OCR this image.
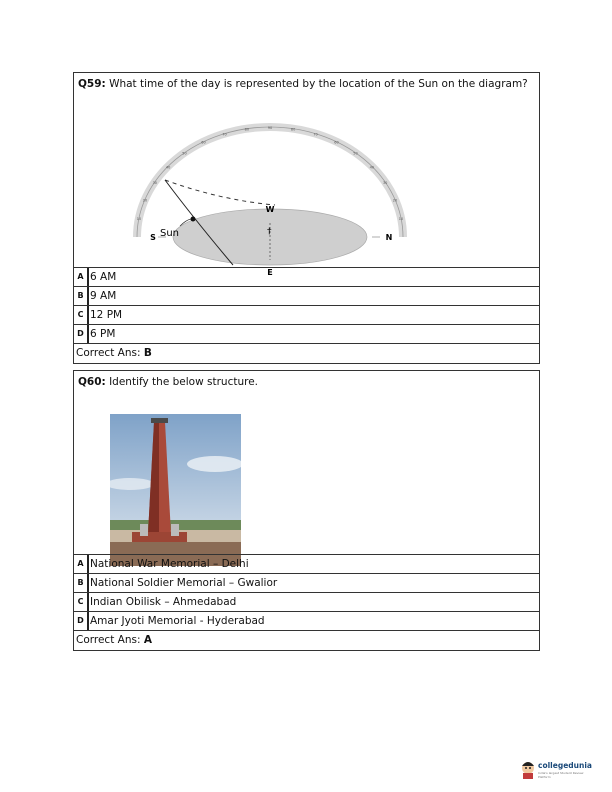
Q59: What time of the day is represented by the location of the Sun on the diagram?
†
W
E
S	N
Sun
10
20
30
40
50
60
70
80
90
80
70
60
50
40
30
20
10
A 6 AM
B 9 AM
C 12 PM
D 6 PM
Correct Ans: B
Q60: Identify the below structure.
A National War Memorial – Delhi
B National Soldier Memorial – Gwalior
C Indian Obilisk – Ahmedabad
D Amar Jyoti Memorial - Hyderabad
Correct Ans: A
collegedunia
India's largest Student Review Platform
